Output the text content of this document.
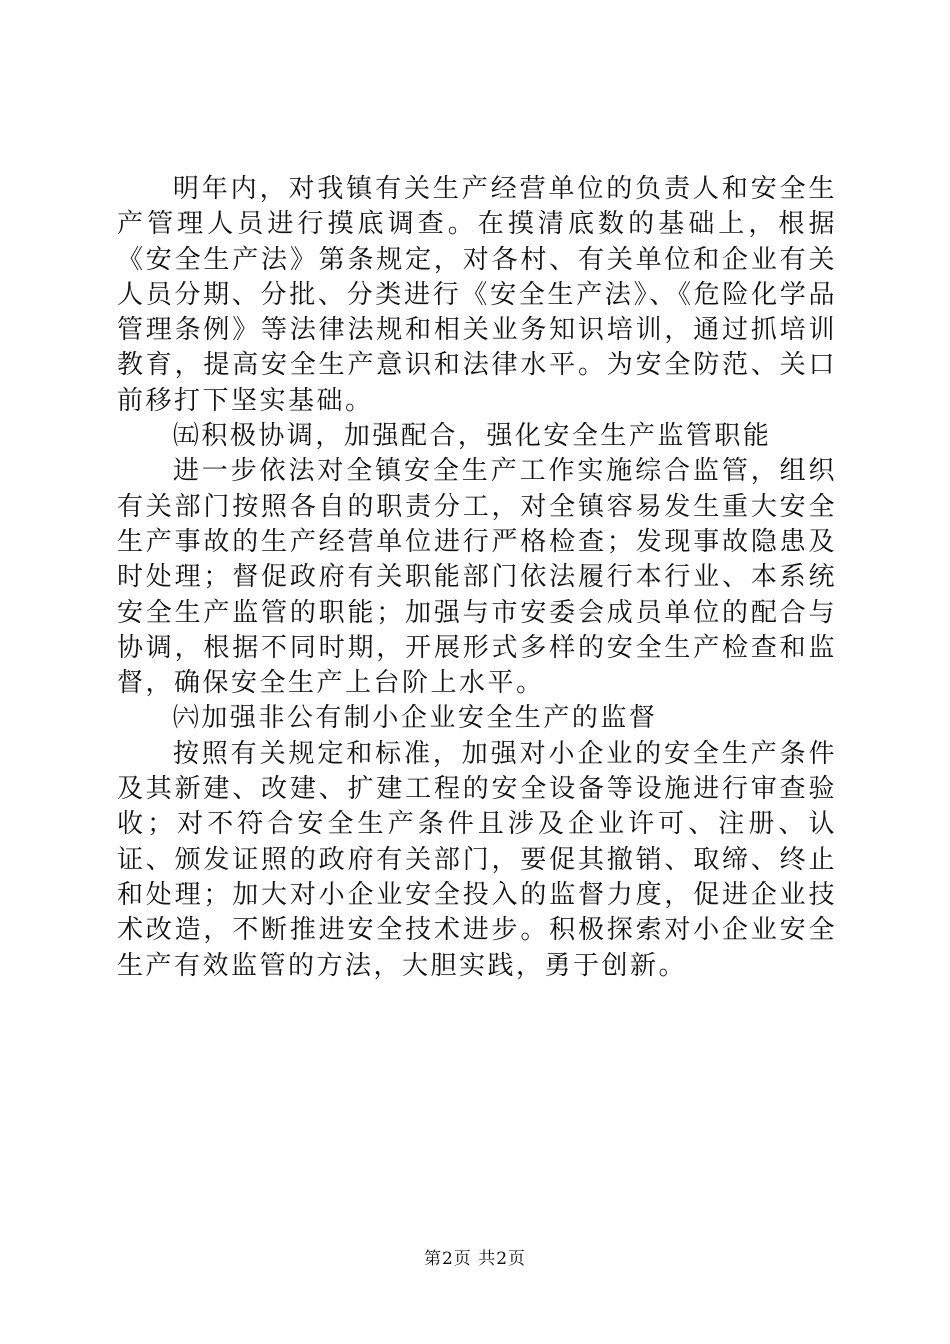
明年内，对我镇有关生产经营单位的负责人和安全生产管理人员进行摸底调查。在摸清底数的基础上，根据《安全生产法》第条规定，对各村、有关单位和企业有关人员分期、分批、分类进行《安全生产法》、《危险化学品管理条例》等法律法规和相关业务知识培训，通过抓培训教育，提高安全生产意识和法律水平。为安全防范、关口前移打下坚实基础。

㈤积极协调，加强配合，强化安全生产监管职能

进一步依法对全镇安全生产工作实施综合监管，组织有关部门按照各自的职责分工，对全镇容易发生重大安全生产事故的生产经营单位进行严格检查；发现事故隐患及时处理；督促政府有关职能部门依法履行本行业、本系统安全生产监管的职能；加强与市安委会成员单位的配合与协调，根据不同时期，开展形式多样的安全生产检查和监督，确保安全生产上台阶上水平。

㈥加强非公有制小企业安全生产的监督

按照有关规定和标准，加强对小企业的安全生产条件及其新建、改建、扩建工程的安全设备等设施进行审查验收；对不符合安全生产条件且涉及企业许可、注册、认证、颁发证照的政府有关部门，要促其撤销、取缔、终止和处理；加大对小企业安全投入的监督力度，促进企业技术改造，不断推进安全技术进步。积极探索对小企业安全生产有效监管的方法，大胆实践，勇于创新。

第2页 共2页
